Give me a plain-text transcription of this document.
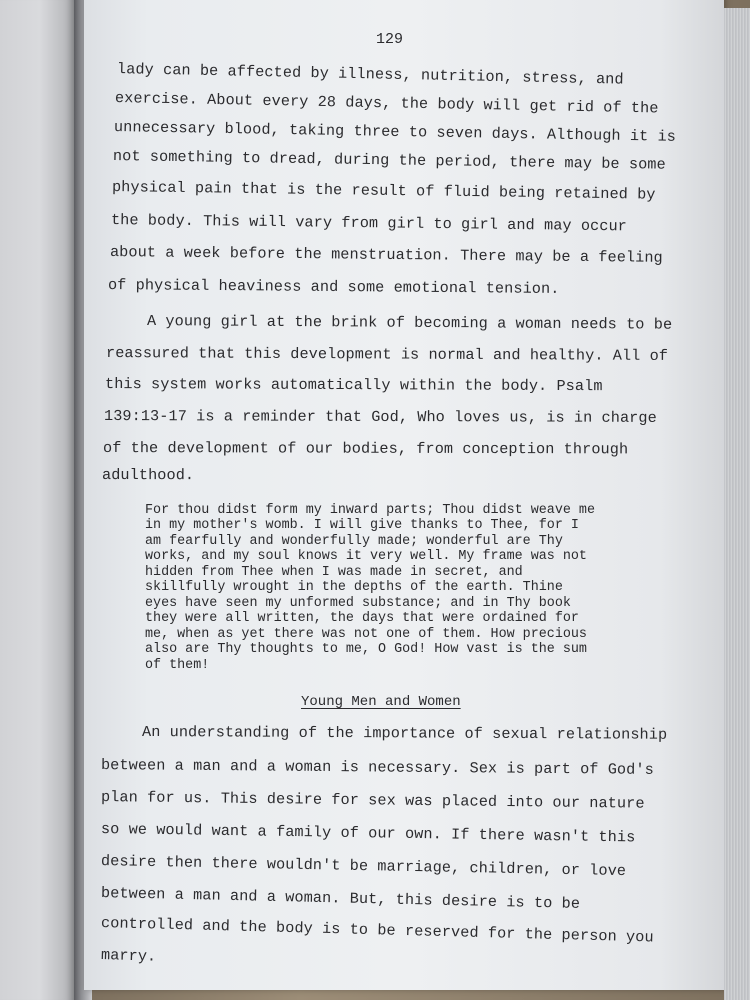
129
lady can be affected by illness, nutrition, stress, and
exercise. About every 28 days, the body will get rid of the
unnecessary blood, taking three to seven days. Although it is
not something to dread, during the period, there may be some
physical pain that is the result of fluid being retained by
the body. This will vary from girl to girl and may occur
about a week before the menstruation. There may be a feeling
of physical heaviness and some emotional tension.
A young girl at the brink of becoming a woman needs to be
reassured that this development is normal and healthy. All of
this system works automatically within the body. Psalm
139:13-17 is a reminder that God, Who loves us, is in charge
of the development of our bodies, from conception through
adulthood.
For thou didst form my inward parts; Thou didst weave me
in my mother's womb. I will give thanks to Thee, for I
am fearfully and wonderfully made; wonderful are Thy
works, and my soul knows it very well. My frame was not
hidden from Thee when I was made in secret, and
skillfully wrought in the depths of the earth. Thine
eyes have seen my unformed substance; and in Thy book
they were all written, the days that were ordained for
me, when as yet there was not one of them. How precious
also are Thy thoughts to me, O God! How vast is the sum
of them!
Young Men and Women
An understanding of the importance of sexual relationship
between a man and a woman is necessary. Sex is part of God's
plan for us. This desire for sex was placed into our nature
so we would want a family of our own. If there wasn't this
desire then there wouldn't be marriage, children, or love
between a man and a woman. But, this desire is to be
controlled and the body is to be reserved for the person you
marry.
